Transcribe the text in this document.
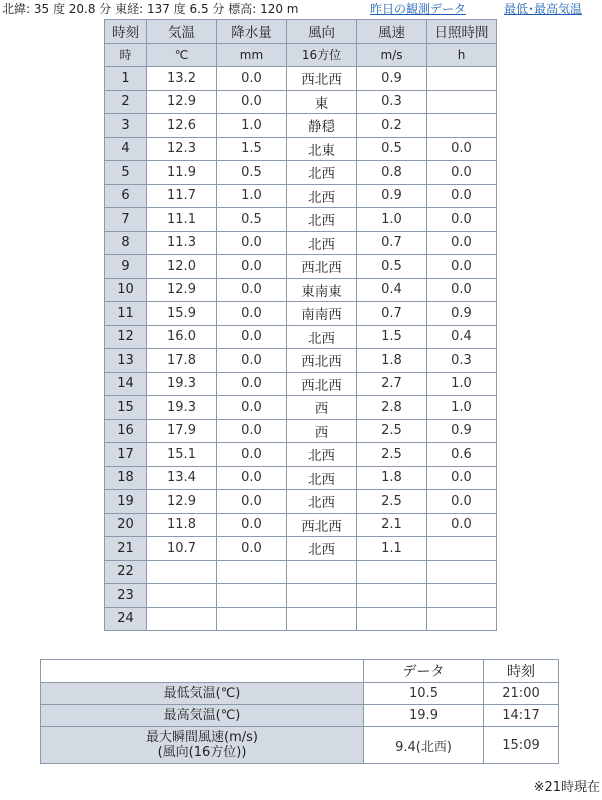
北緯: 35 度 20.8 分 東経: 137 度 6.5 分 標高: 120 m	昨日の観測データ	最低･最高気温
時刻	気温	降水量	風向	風速	日照時間
時	℃	mm	16方位	m/s	h
1	13.2	0.0	西北西	0.9	
2	12.9	0.0	東	0.3	
3	12.6	1.0	静穏	0.2	
4	12.3	1.5	北東	0.5	0.0
5	11.9	0.5	北西	0.8	0.0
6	11.7	1.0	北西	0.9	0.0
7	11.1	0.5	北西	1.0	0.0
8	11.3	0.0	北西	0.7	0.0
9	12.0	0.0	西北西	0.5	0.0
10	12.9	0.0	東南東	0.4	0.0
11	15.9	0.0	南南西	0.7	0.9
12	16.0	0.0	北西	1.5	0.4
13	17.8	0.0	西北西	1.8	0.3
14	19.3	0.0	西北西	2.7	1.0
15	19.3	0.0	西	2.8	1.0
16	17.9	0.0	西	2.5	0.9
17	15.1	0.0	北西	2.5	0.6
18	13.4	0.0	北西	1.8	0.0
19	12.9	0.0	北西	2.5	0.0
20	11.8	0.0	西北西	2.1	0.0
21	10.7	0.0	北西	1.1	
22					
23					
24					
	データ	時刻
最低気温(℃)	10.5	21:00
最高気温(℃)	19.9	14:17
最大瞬間風速(m/s)
(風向(16方位))	9.4(北西)	15:09
※21時現在
